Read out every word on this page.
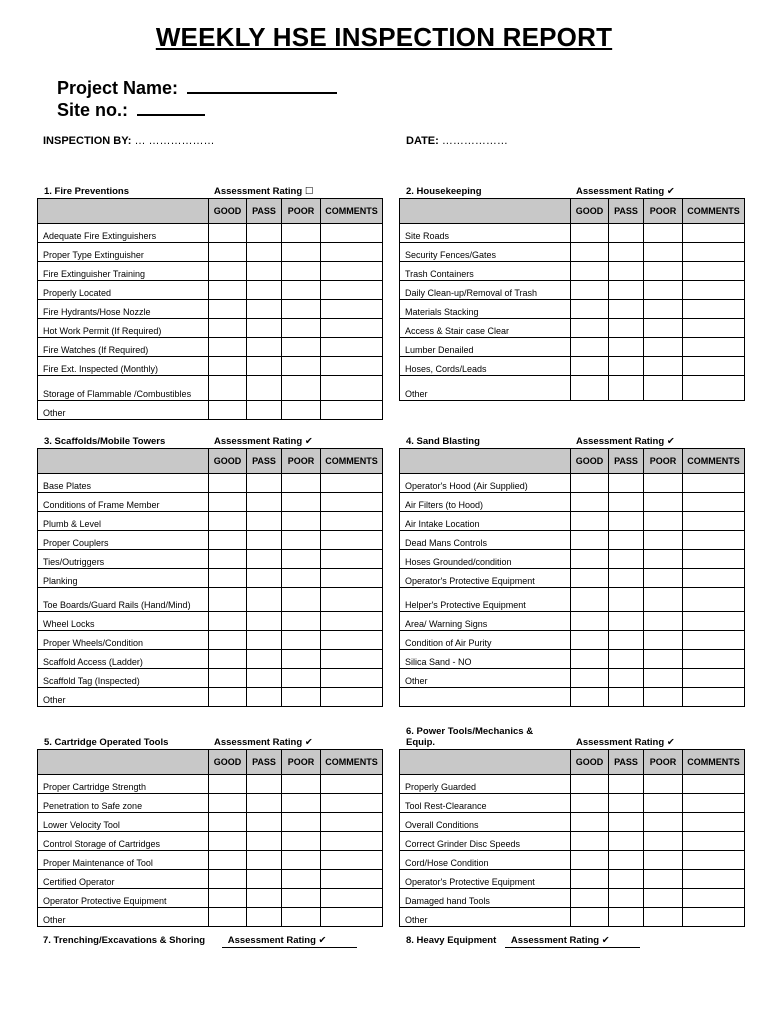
WEEKLY HSE INSPECTION REPORT
Project Name:
Site no.:
INSPECTION BY: … ………………	DATE: ………………
1. Fire Preventions	Assessment Rating ☐
	GOOD	PASS	POOR	COMMENTS
Adequate Fire Extinguishers				
Proper Type Extinguisher				
Fire Extinguisher Training				
Properly Located				
Fire Hydrants/Hose Nozzle				
Hot Work Permit (If Required)				
Fire Watches (If Required)				
Fire Ext. Inspected (Monthly)				
Storage of Flammable /Combustibles				
Other				
2. Housekeeping	Assessment Rating ✔
	GOOD	PASS	POOR	COMMENTS
Site Roads				
Security Fences/Gates				
Trash Containers				
Daily Clean-up/Removal of Trash				
Materials Stacking				
Access & Stair case Clear				
Lumber Denailed				
Hoses, Cords/Leads				
Other				
3. Scaffolds/Mobile Towers	Assessment Rating ✔
	GOOD	PASS	POOR	COMMENTS
Base Plates				
Conditions of Frame Member				
Plumb & Level				
Proper Couplers				
Ties/Outriggers				
Planking				
Toe Boards/Guard Rails (Hand/Mind)				
Wheel Locks				
Proper Wheels/Condition				
Scaffold Access (Ladder)				
Scaffold Tag (Inspected)				
Other				
4. Sand Blasting	Assessment Rating ✔
	GOOD	PASS	POOR	COMMENTS
Operator's Hood (Air Supplied)				
Air Filters (to Hood)				
Air Intake Location				
Dead Mans Controls				
Hoses Grounded/condition				
Operator's Protective Equipment				
Helper's Protective Equipment				
Area/ Warning Signs				
Condition of Air Purity				
Silica Sand - NO				
Other				

5. Cartridge Operated Tools	Assessment Rating ✔
	GOOD	PASS	POOR	COMMENTS
Proper Cartridge Strength				
Penetration to Safe zone				
Lower Velocity Tool				
Control Storage of Cartridges				
Proper Maintenance of Tool				
Certified Operator				
Operator Protective Equipment				
Other				
6. Power Tools/Mechanics & Equip.	Assessment Rating ✔
	GOOD	PASS	POOR	COMMENTS
Properly Guarded				
Tool Rest-Clearance				
Overall Conditions				
Correct Grinder Disc Speeds				
Cord/Hose Condition				
Operator's Protective Equipment				
Damaged hand Tools				
Other				
7. Trenching/Excavations & Shoring Assessment Rating ✔	8. Heavy Equipment Assessment Rating ✔
